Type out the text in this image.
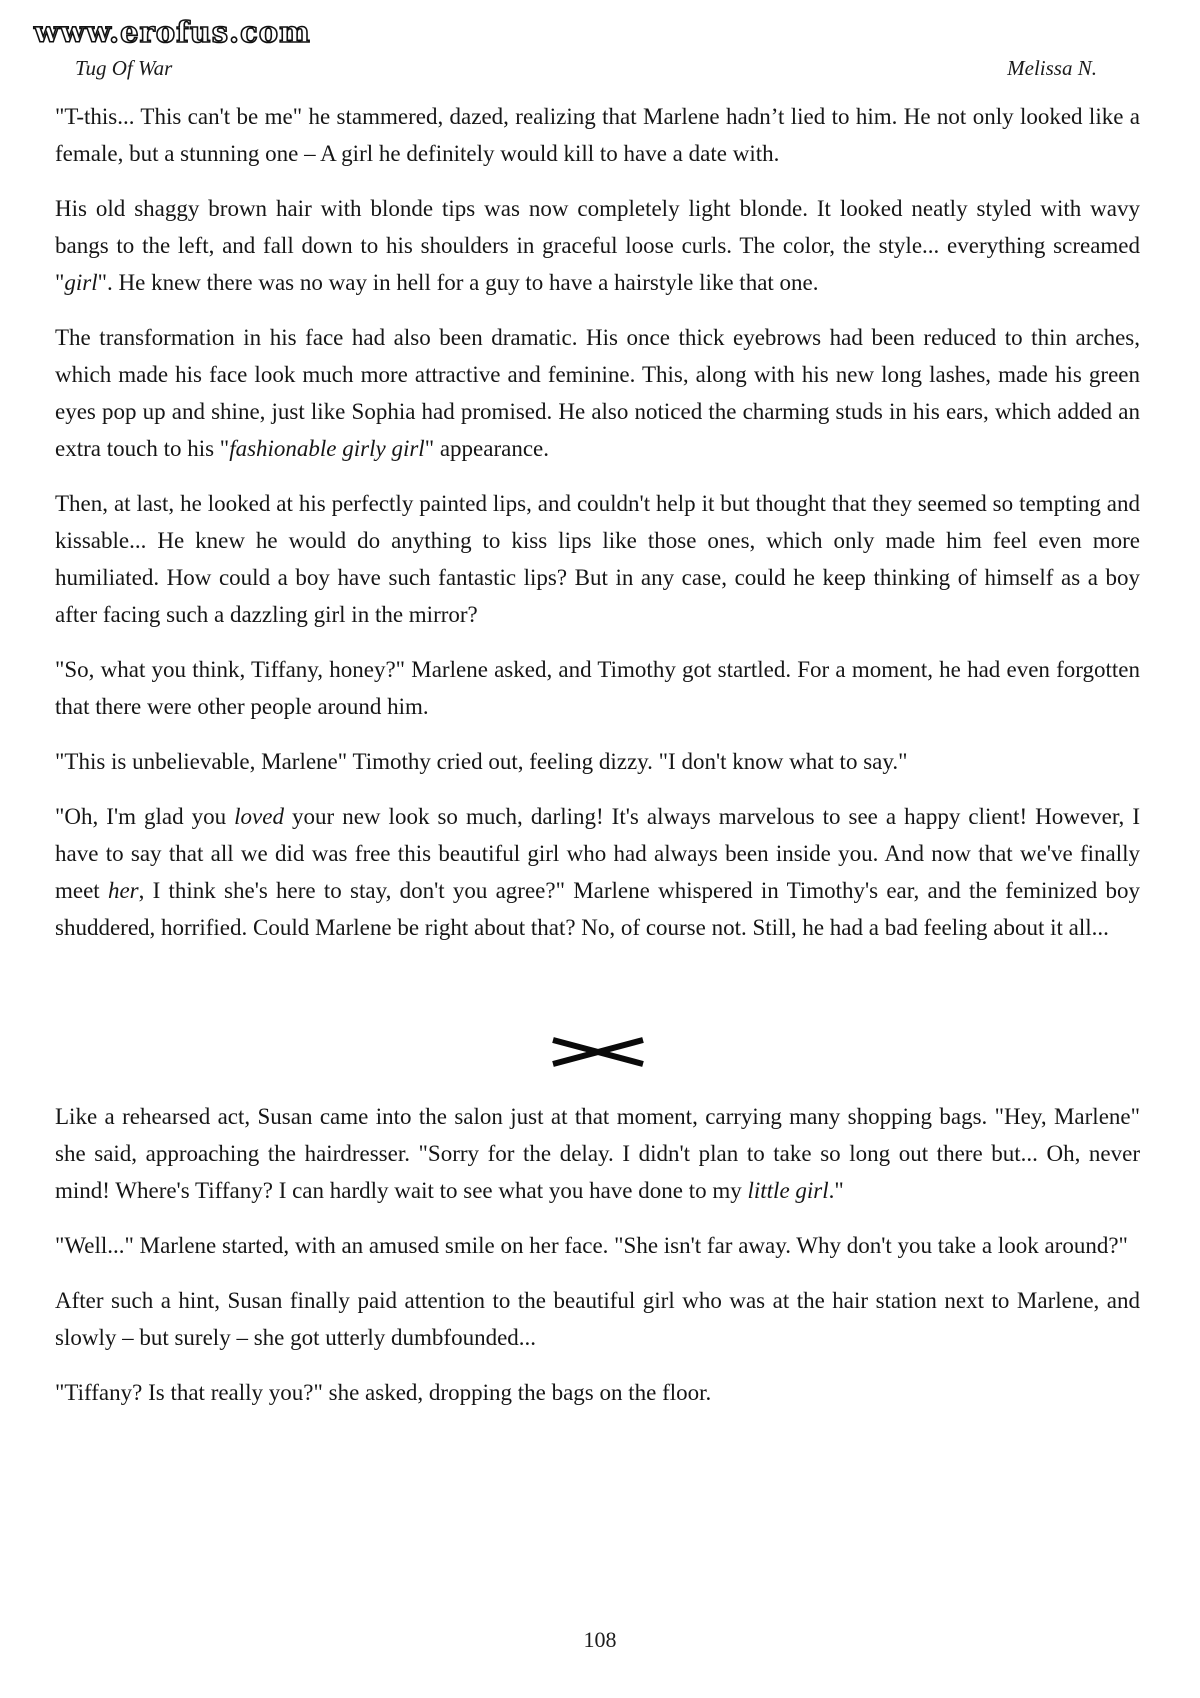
www.erofus.com
Tug Of War	Melissa N.

"T-this... This can't be me" he stammered, dazed, realizing that Marlene hadn’t lied to him. He not only looked like a female, but a stunning one – A girl he definitely would kill to have a date with.

His old shaggy brown hair with blonde tips was now completely light blonde. It looked neatly styled with wavy bangs to the left, and fall down to his shoulders in graceful loose curls. The color, the style... everything screamed "girl". He knew there was no way in hell for a guy to have a hairstyle like that one.

The transformation in his face had also been dramatic. His once thick eyebrows had been reduced to thin arches, which made his face look much more attractive and feminine. This, along with his new long lashes, made his green eyes pop up and shine, just like Sophia had promised. He also noticed the charming studs in his ears, which added an extra touch to his "fashionable girly girl" appearance.

Then, at last, he looked at his perfectly painted lips, and couldn't help it but thought that they seemed so tempting and kissable... He knew he would do anything to kiss lips like those ones, which only made him feel even more humiliated. How could a boy have such fantastic lips? But in any case, could he keep thinking of himself as a boy after facing such a dazzling girl in the mirror?

"So, what you think, Tiffany, honey?" Marlene asked, and Timothy got startled. For a moment, he had even forgotten that there were other people around him.

"This is unbelievable, Marlene" Timothy cried out, feeling dizzy. "I don't know what to say."

"Oh, I'm glad you loved your new look so much, darling! It's always marvelous to see a happy client! However, I have to say that all we did was free this beautiful girl who had always been inside you. And now that we've finally meet her, I think she's here to stay, don't you agree?" Marlene whispered in Timothy's ear, and the feminized boy shuddered, horrified. Could Marlene be right about that? No, of course not. Still, he had a bad feeling about it all...

Like a rehearsed act, Susan came into the salon just at that moment, carrying many shopping bags. "Hey, Marlene" she said, approaching the hairdresser. "Sorry for the delay. I didn't plan to take so long out there but... Oh, never mind! Where's Tiffany? I can hardly wait to see what you have done to my little girl."

"Well..." Marlene started, with an amused smile on her face. "She isn't far away. Why don't you take a look around?"

After such a hint, Susan finally paid attention to the beautiful girl who was at the hair station next to Marlene, and slowly – but surely – she got utterly dumbfounded...

"Tiffany? Is that really you?" she asked, dropping the bags on the floor.

108
